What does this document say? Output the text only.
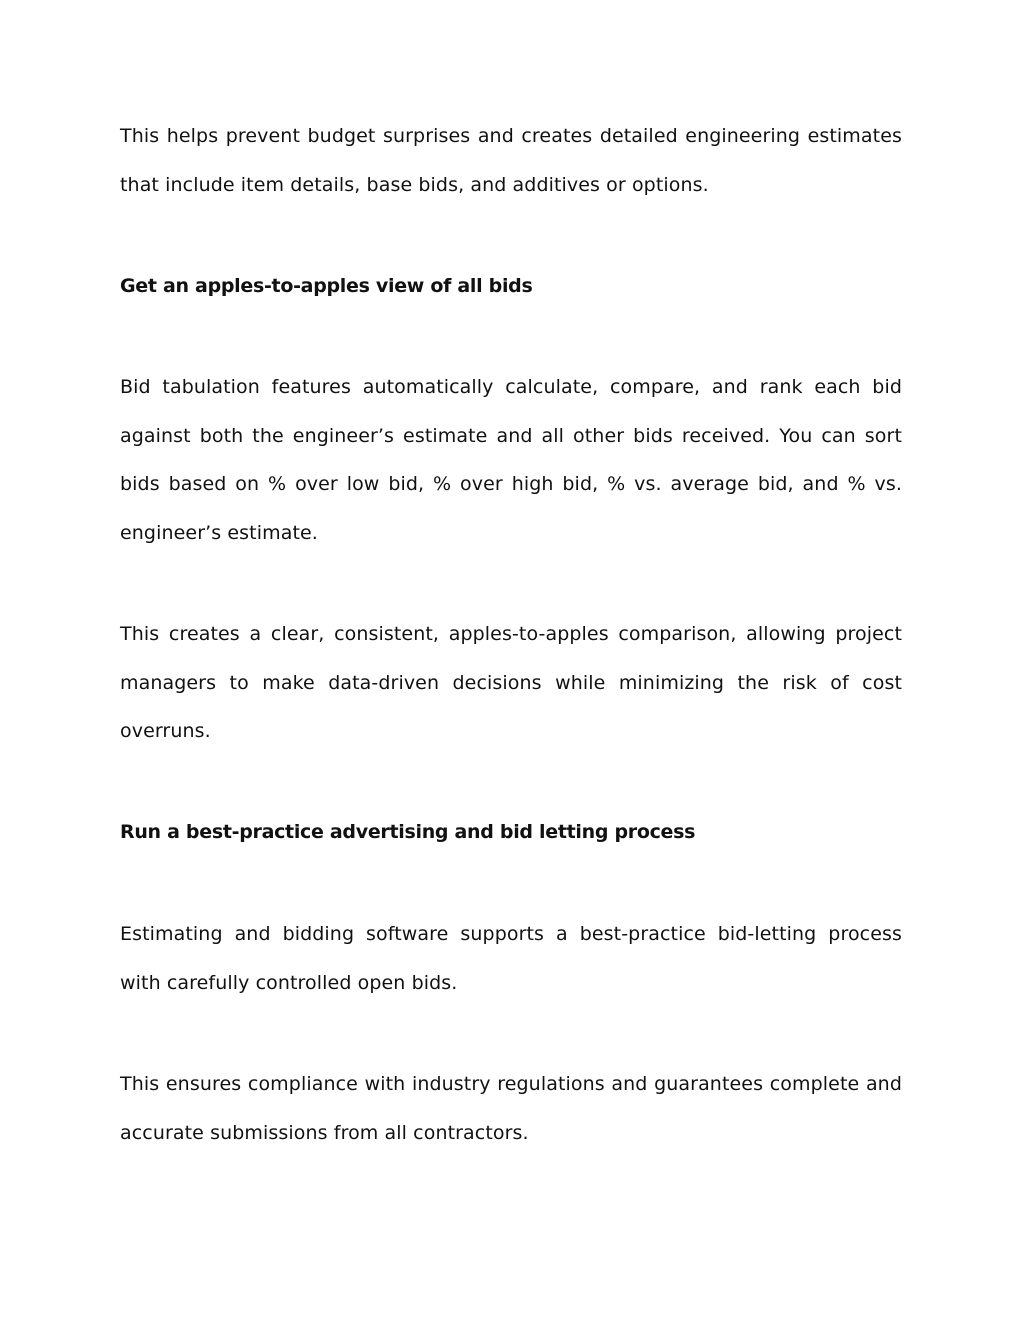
This helps prevent budget surprises and creates detailed engineering estimates that include item details, base bids, and additives or options.

Get an apples-to-apples view of all bids

Bid tabulation features automatically calculate, compare, and rank each bid against both the engineer’s estimate and all other bids received. You can sort bids based on % over low bid, % over high bid, % vs. average bid, and % vs. engineer’s estimate.

This creates a clear, consistent, apples-to-apples comparison, allowing project managers to make data-driven decisions while minimizing the risk of cost overruns.

Run a best-practice advertising and bid letting process

Estimating and bidding software supports a best-practice bid-letting process with carefully controlled open bids.

This ensures compliance with industry regulations and guarantees complete and accurate submissions from all contractors.
